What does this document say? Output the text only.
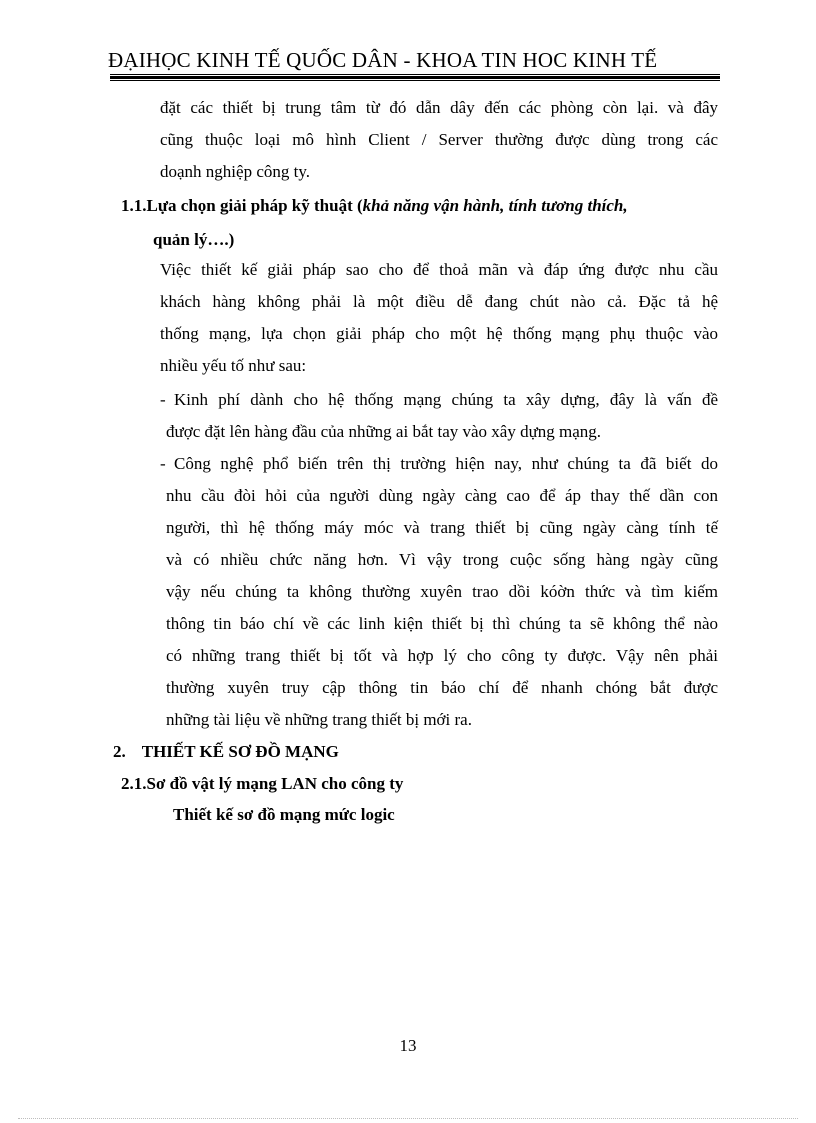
ĐẠIHỌC KINH TẾ QUỐC DÂN - KHOA TIN HOC KINH TẾ
đặt các thiết bị trung tâm từ đó dẫn dây đến các phòng còn lại. và đây
cũng thuộc loại mô hình Client / Server thường được dùng trong các
doạnh nghiệp công ty.
1.1.Lựa chọn giải pháp kỹ thuật (khả năng vận hành, tính tương thích,
quản lý….)
Việc thiết kế giải pháp sao cho để thoả mãn và đáp ứng được nhu cầu
khách hàng không phải là một điều dễ đang chút nào cả. Đặc tả hệ
thống mạng, lựa chọn giải pháp cho một hệ thống mạng phụ thuộc vào
nhiều yếu tố như sau:
- Kinh phí dành cho hệ thống mạng chúng ta xây dựng, đây là vấn đề
được đặt lên hàng đầu của những ai bắt tay vào xây dựng mạng.
- Công nghệ phổ biến trên thị trường hiện nay, như chúng ta đã biết do
nhu cầu đòi hỏi của người dùng ngày càng cao để áp thay thế dần con
người, thì hệ thống máy móc và trang thiết bị cũng ngày càng tính tế
và có nhiều chức năng hơn. Vì vậy trong cuộc sống hàng ngày cũng
vậy nếu chúng ta không thường xuyên trao dồi kóờn thức và tìm kiếm
thông tin báo chí về các linh kiện thiết bị thì chúng ta sẽ không thể nào
có những trang thiết bị tốt và hợp lý cho công ty được. Vậy nên phải
thường xuyên truy cập thông tin báo chí để nhanh chóng bắt được
những tài liệu về những trang thiết bị mới ra.
2. THIẾT KẾ SƠ ĐỒ MẠNG
2.1.Sơ đồ vật lý mạng LAN cho công ty
Thiết kế sơ đồ mạng mức logic
13
